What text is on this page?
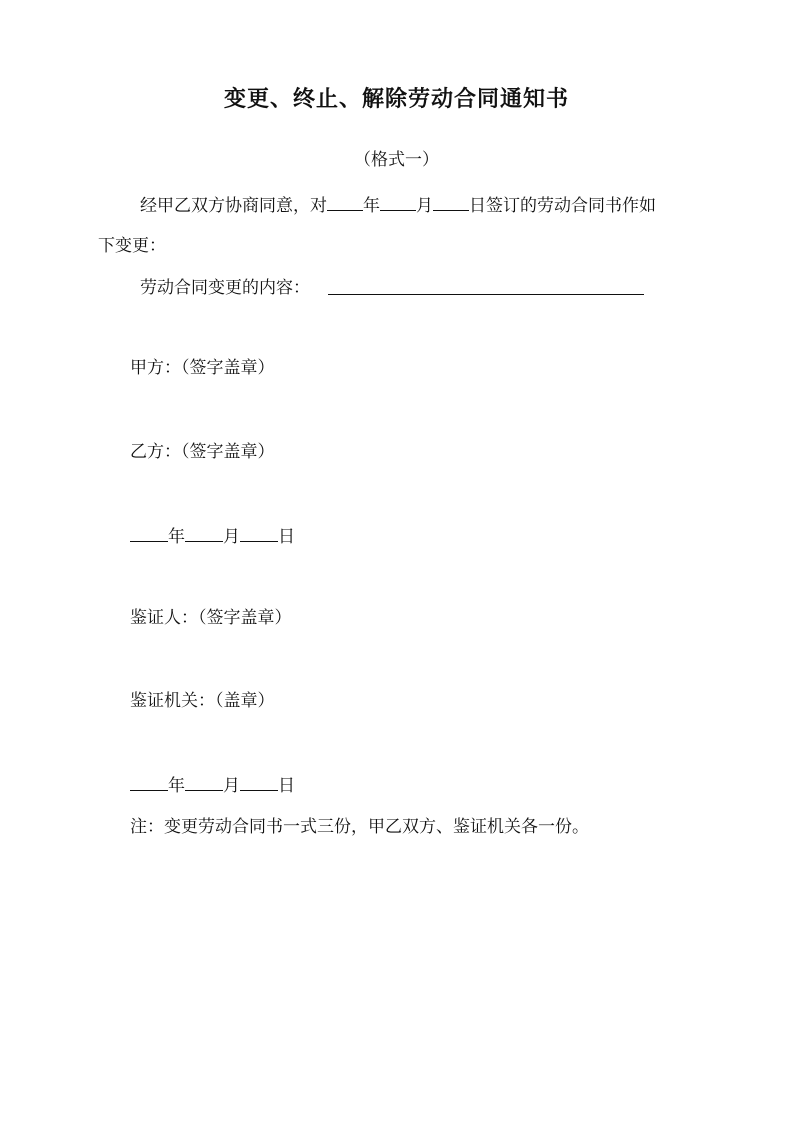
变更、终止、解除劳动合同通知书
（格式一）
经甲乙双方协商同意，对 年 月 日签订的劳动合同书作如
下变更：
劳动合同变更的内容：
甲方：（签字盖章）
乙方：（签字盖章）
年 月 日
鉴证人：（签字盖章）
鉴证机关：（盖章）
年 月 日
注：变更劳动合同书一式三份，甲乙双方、鉴证机关各一份。
